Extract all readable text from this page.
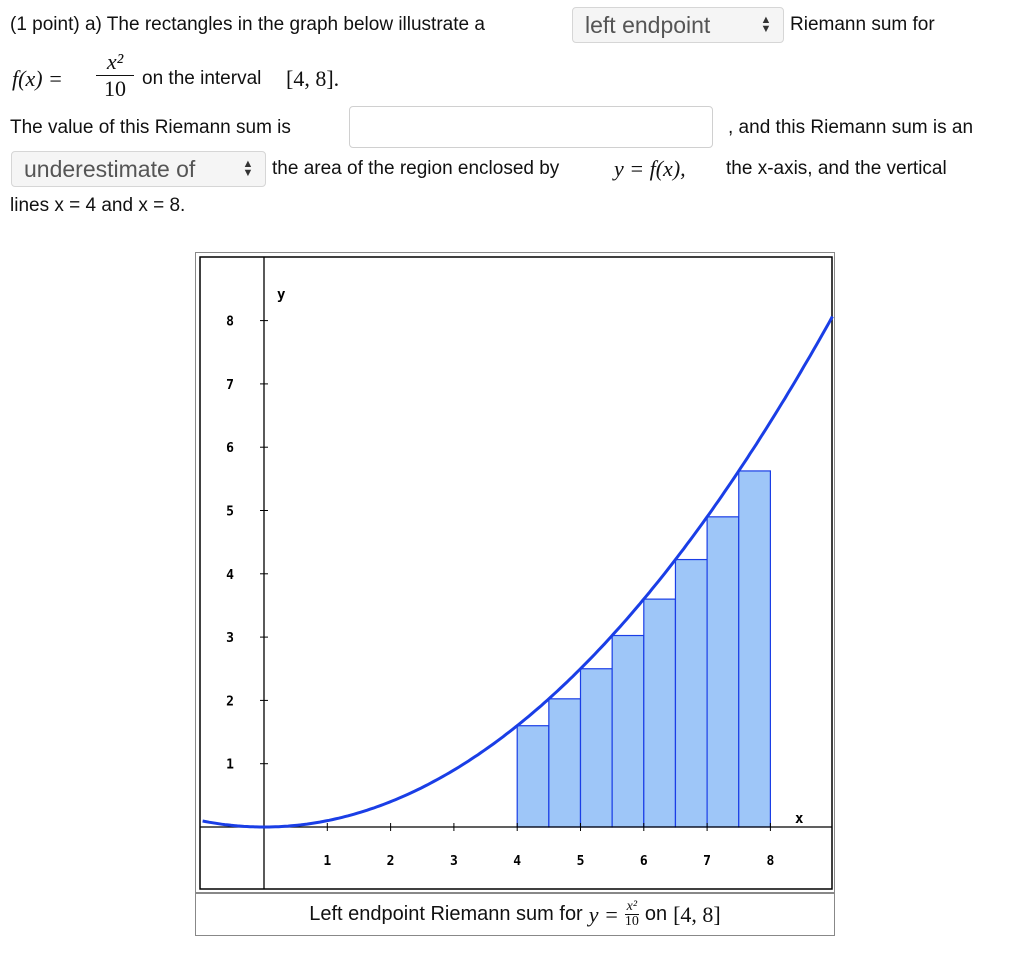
(1 point) a) The rectangles in the graph below illustrate a	left endpoint	▲
▼ Riemann sum for
f(x) =
x²
10 on the interval [4, 8].
The value of this Riemann sum is	, and this Riemann sum is an
underestimate of	▲
▼ the area of the region enclosed by y = f(x), the x-axis, and the vertical
lines x = 4 and x = 8.
1	2	3	4	5	6	7	8
1
2
3
4
5
6
7
8
y
x
Left endpoint Riemann sum for y = x²
10 on [4, 8]
